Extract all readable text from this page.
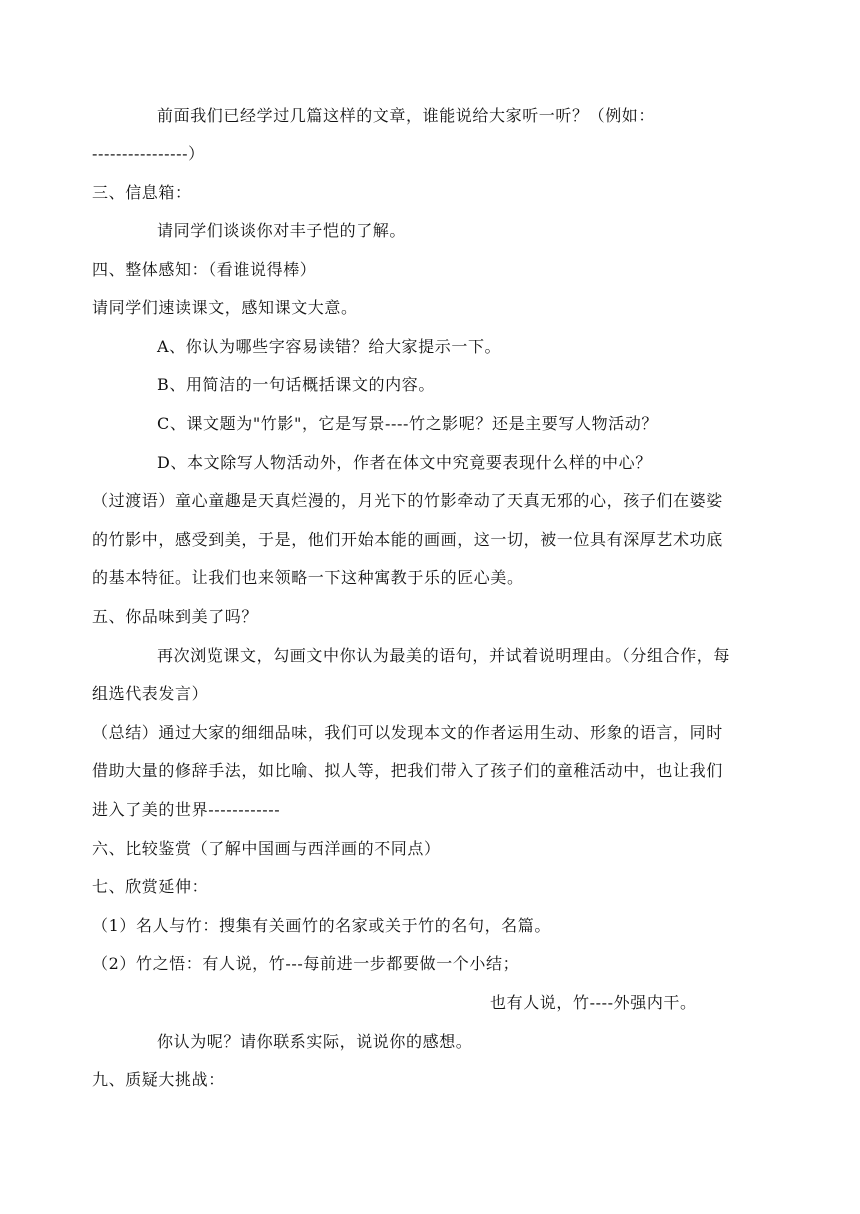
前面我们已经学过几篇这样的文章，谁能说给大家听一听？（例如：
----------------）
三、信息箱：
请同学们谈谈你对丰子恺的了解。
四、整体感知：（看谁说得棒）
请同学们速读课文，感知课文大意。
A、你认为哪些字容易读错？给大家提示一下。
B、用简洁的一句话概括课文的内容。
C、课文题为"竹影"，它是写景----竹之影呢？还是主要写人物活动？
D、本文除写人物活动外，作者在体文中究竟要表现什么样的中心？
（过渡语）童心童趣是天真烂漫的，月光下的竹影牵动了天真无邪的心，孩子们在婆娑
的竹影中，感受到美，于是，他们开始本能的画画，这一切，被一位具有深厚艺术功底
的基本特征。让我们也来领略一下这种寓教于乐的匠心美。
五、你品味到美了吗？
再次浏览课文，勾画文中你认为最美的语句，并试着说明理由。（分组合作，每
组选代表发言）
（总结）通过大家的细细品味，我们可以发现本文的作者运用生动、形象的语言，同时
借助大量的修辞手法，如比喻、拟人等，把我们带入了孩子们的童稚活动中，也让我们
进入了美的世界------------
六、比较鉴赏（了解中国画与西洋画的不同点）
七、欣赏延伸：
（1）名人与竹：搜集有关画竹的名家或关于竹的名句，名篇。
（2）竹之悟：有人说，竹---每前进一步都要做一个小结；
也有人说，竹----外强内干。
你认为呢？请你联系实际，说说你的感想。
九、质疑大挑战：
